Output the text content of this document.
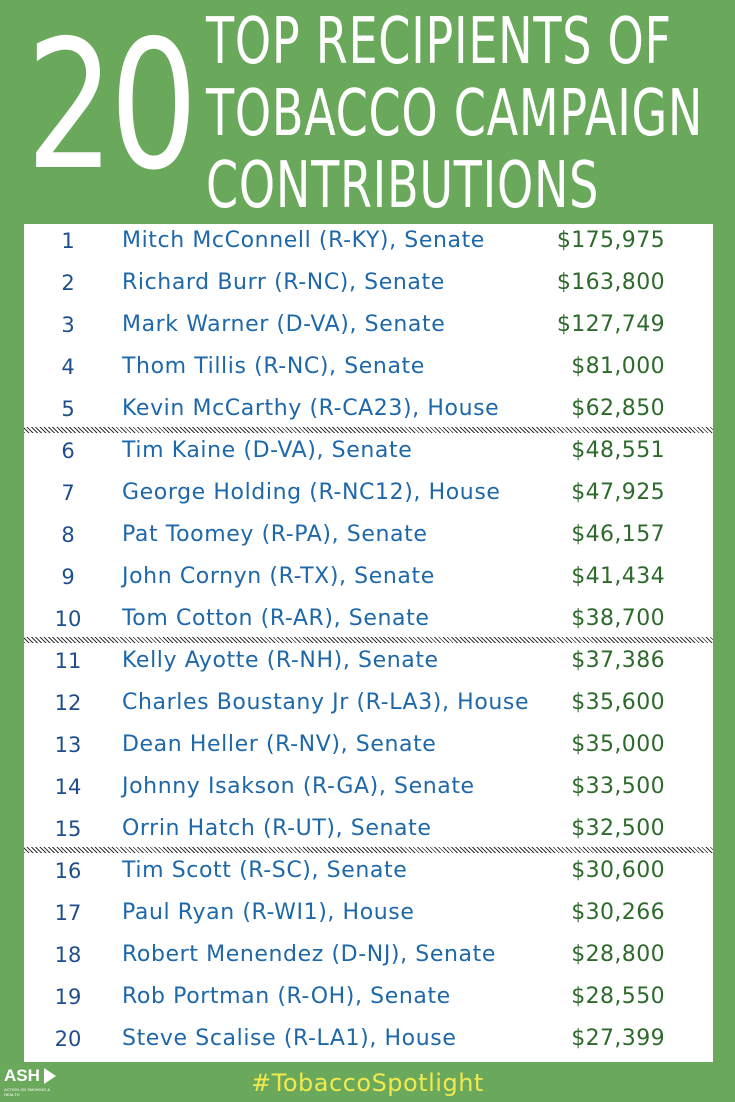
20 TOP RECIPIENTS OF
TOBACCO CAMPAIGN
CONTRIBUTIONS
1	Mitch McConnell (R-KY), Senate	$175,975
2	Richard Burr (R-NC), Senate	$163,800
3	Mark Warner (D-VA), Senate	$127,749
4	Thom Tillis (R-NC), Senate	$81,000
5	Kevin McCarthy (R-CA23), House	$62,850
6	Tim Kaine (D-VA), Senate	$48,551
7	George Holding (R-NC12), House	$47,925
8	Pat Toomey (R-PA), Senate	$46,157
9	John Cornyn (R-TX), Senate	$41,434
10	Tom Cotton (R-AR), Senate	$38,700
11	Kelly Ayotte (R-NH), Senate	$37,386
12	Charles Boustany Jr (R-LA3), House $35,600
13	Dean Heller (R-NV), Senate	$35,000
14	Johnny Isakson (R-GA), Senate	$33,500
15	Orrin Hatch (R-UT), Senate	$32,500
16	Tim Scott (R-SC), Senate	$30,600
17	Paul Ryan (R-WI1), House	$30,266
18	Robert Menendez (D-NJ), Senate	$28,800
19	Rob Portman (R-OH), Senate	$28,550
20	Steve Scalise (R-LA1), House	$27,399
ASH
ACTION ON SMOKING & HEALTH	#TobaccoSpotlight
